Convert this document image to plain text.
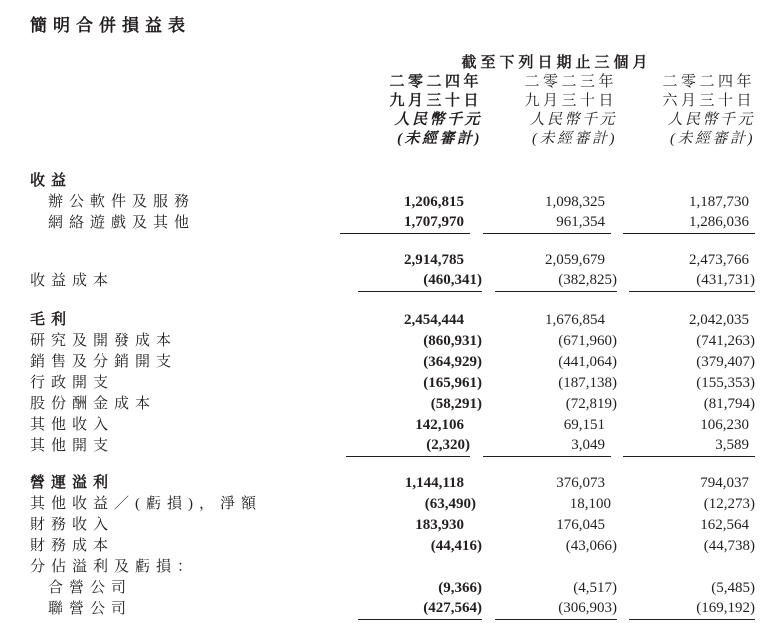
簡明合併損益表
截至下列日期止三個月
二零二四年
九月三十日
人民幣千元
(未經審計)
二零二三年
九月三十日
人民幣千元
(未經審計)
二零二四年
六月三十日
人民幣千元
(未經審計)
收益
辦公軟件及服務	1,206,815	1,098,325	1,187,730
網絡遊戲及其他	1,707,970	961,354	1,286,036
2,914,785	2,059,679	2,473,766
收益成本	(460,341)	(382,825)	(431,731)
毛利	2,454,444	1,676,854	2,042,035
研究及開發成本	(860,931)	(671,960)	(741,263)
銷售及分銷開支	(364,929)	(441,064)	(379,407)
行政開支	(165,961)	(187,138)	(155,353)
股份酬金成本	(58,291)	(72,819)	(81,794)
其他收入	142,106	69,151	106,230
其他開支	(2,320)	3,049	3,589
營運溢利	1,144,118	376,073	794,037
其他收益／(虧損)，淨額	(63,490)	18,100	(12,273)
財務收入	183,930	176,045	162,564
財務成本	(44,416)	(43,066)	(44,738)
分佔溢利及虧損：
合營公司	(9,366)	(4,517)	(5,485)
聯營公司	(427,564)	(306,903)	(169,192)
